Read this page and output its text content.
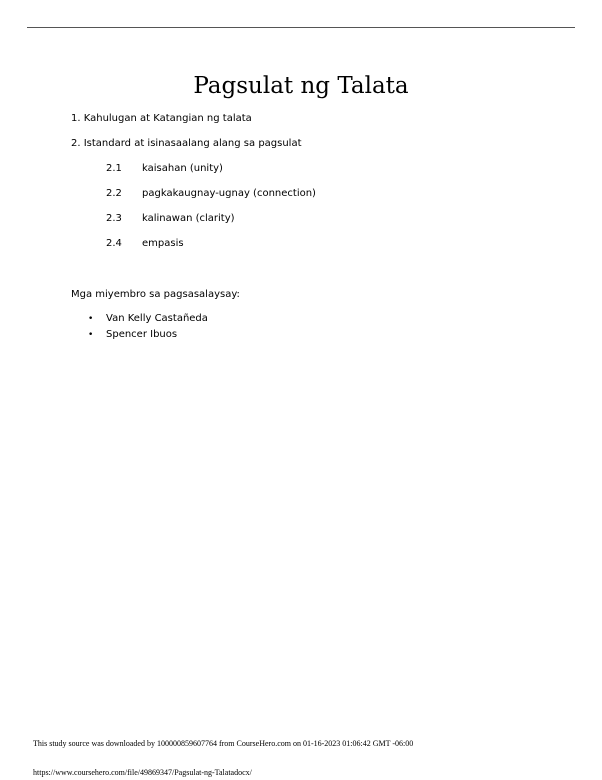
Pagsulat ng Talata
1. Kahulugan at Katangian ng talata
2. Istandard at isinasaalang alang sa pagsulat
2.1 kaisahan (unity)
2.2 pagkakaugnay-ugnay (connection)
2.3 kalinawan (clarity)
2.4 empasis
Mga miyembro sa pagsasalaysay:
• Van Kelly Castañeda
• Spencer Ibuos
This study source was downloaded by 100000859607764 from CourseHero.com on 01-16-2023 01:06:42 GMT -06:00
https://www.coursehero.com/file/49869347/Pagsulat-ng-Talatadocx/
